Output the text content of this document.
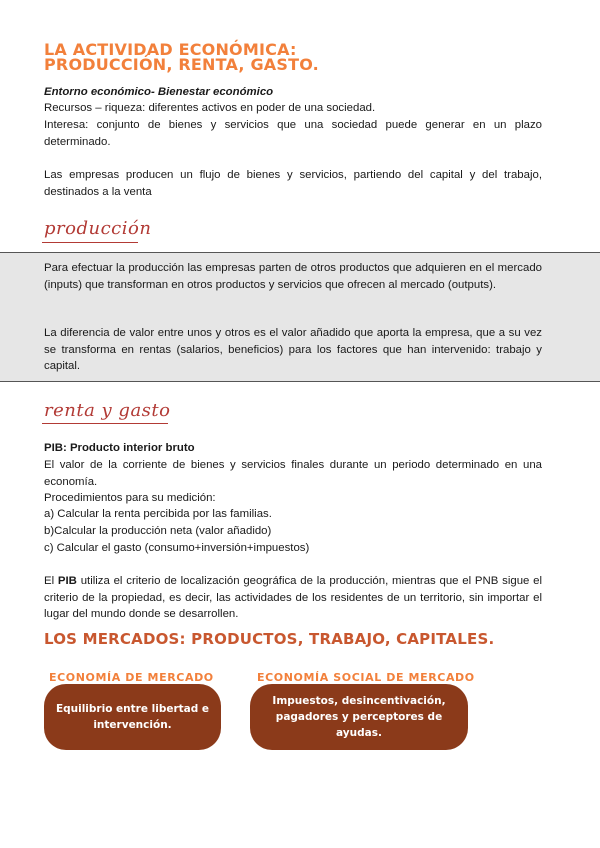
LA ACTIVIDAD ECONÓMICA:
PRODUCCIÓN, RENTA, GASTO.
Entorno económico- Bienestar económico
Recursos – riqueza: diferentes activos en poder de una sociedad.
Interesa: conjunto de bienes y servicios que una sociedad puede generar en un plazo determinado.
Las empresas producen un flujo de bienes y servicios, partiendo del capital y del trabajo, destinados a la venta
producción
Para efectuar la producción las empresas parten de otros productos que adquieren en el mercado (inputs) que transforman en otros productos y servicios que ofrecen al mercado (outputs).
La diferencia de valor entre unos y otros es el valor añadido que aporta la empresa, que a su vez se transforma en rentas (salarios, beneficios) para los factores que han intervenido: trabajo y capital.
renta y gasto
PIB: Producto interior bruto
El valor de la corriente de bienes y servicios finales durante un periodo determinado en una economía.
Procedimientos para su medición:
a) Calcular la renta percibida por las familias.
b)Calcular la producción neta (valor añadido)
c) Calcular el gasto (consumo+inversión+impuestos)
El PIB utiliza el criterio de localización geográfica de la producción, mientras que el PNB sigue el criterio de la propiedad, es decir, las actividades de los residentes de un territorio, sin importar el lugar del mundo donde se desarrollen.
LOS MERCADOS: PRODUCTOS, TRABAJO, CAPITALES.
ECONOMÍA DE MERCADO
Equilibrio entre libertad e intervención.
ECONOMÍA SOCIAL DE MERCADO
Impuestos, desincentivación, pagadores y perceptores de ayudas.
